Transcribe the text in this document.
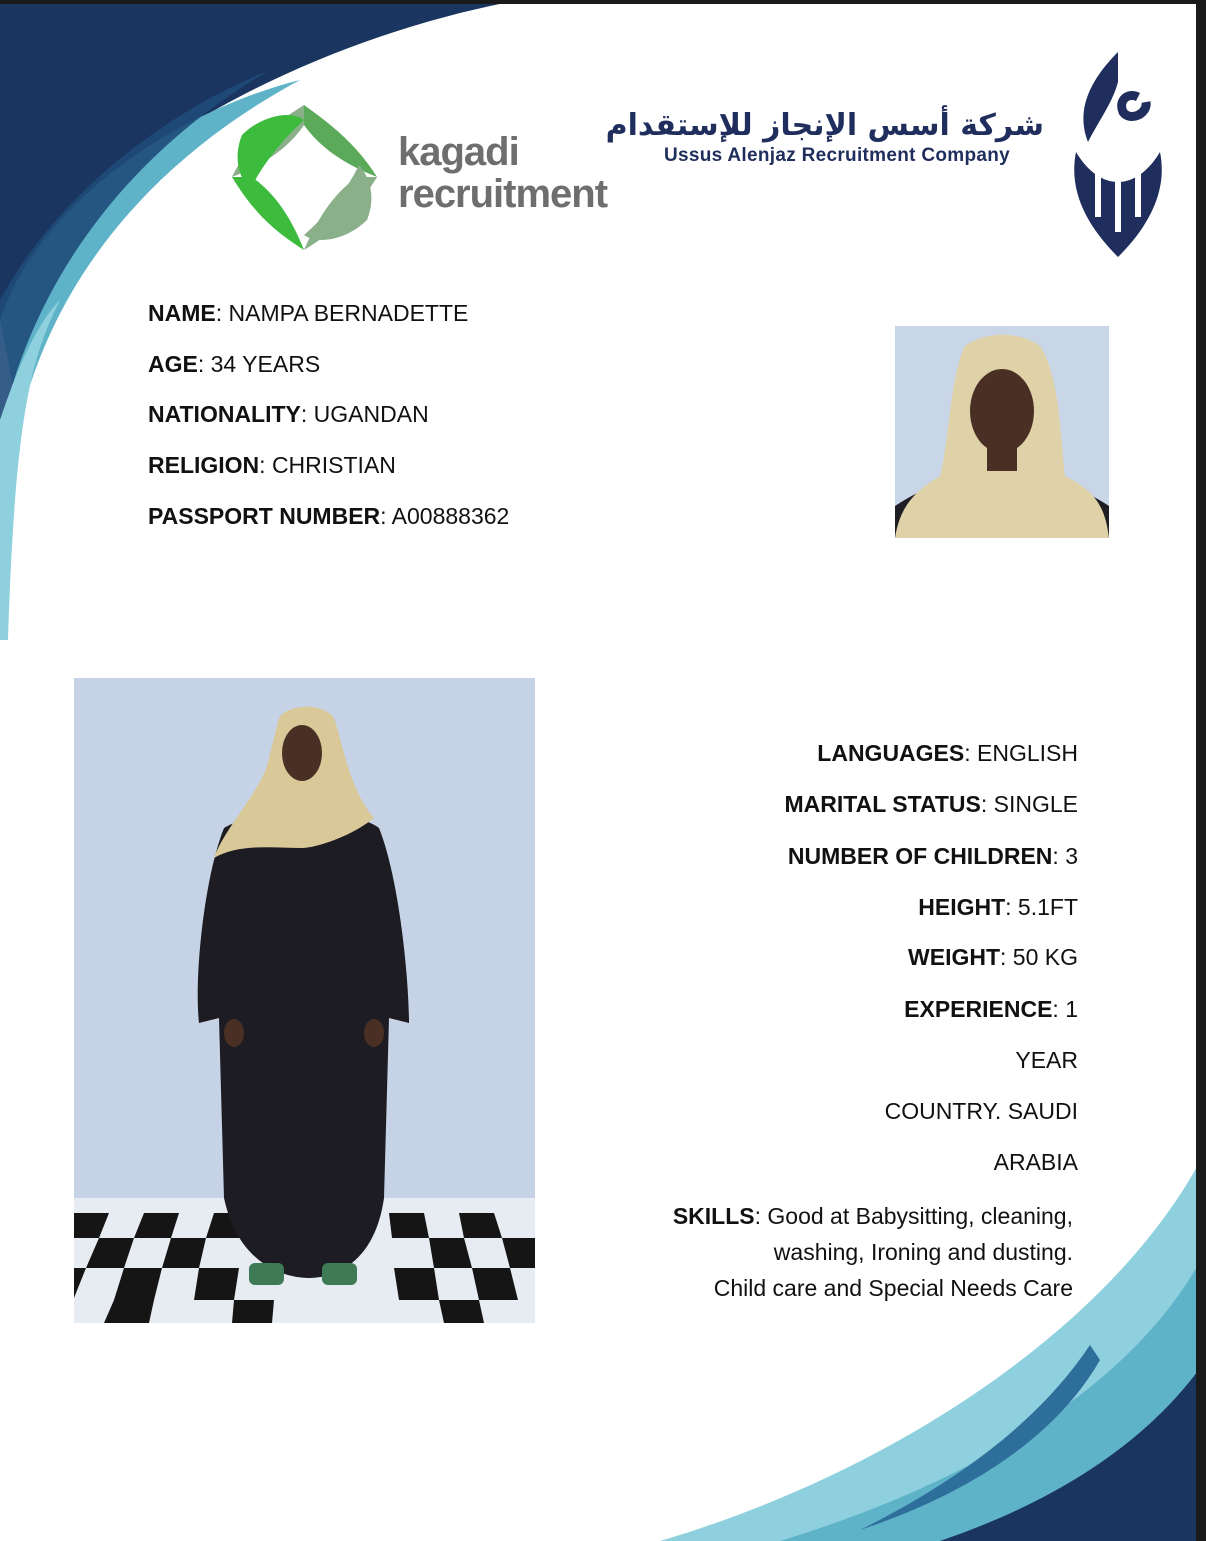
kagadi
recruitment
شركة أسس الإنجاز للإستقدام
Ussus Alenjaz Recruitment Company
NAME: NAMPA BERNADETTE
AGE: 34 YEARS
NATIONALITY: UGANDAN
RELIGION: CHRISTIAN
PASSPORT NUMBER: A00888362
LANGUAGES: ENGLISH
MARITAL STATUS: SINGLE
NUMBER OF CHILDREN: 3
HEIGHT: 5.1FT
WEIGHT: 50 KG
EXPERIENCE: 1
YEAR
COUNTRY. SAUDI
ARABIA
SKILLS: Good at Babysitting, cleaning,
washing, Ironing and dusting.
Child care and Special Needs Care
